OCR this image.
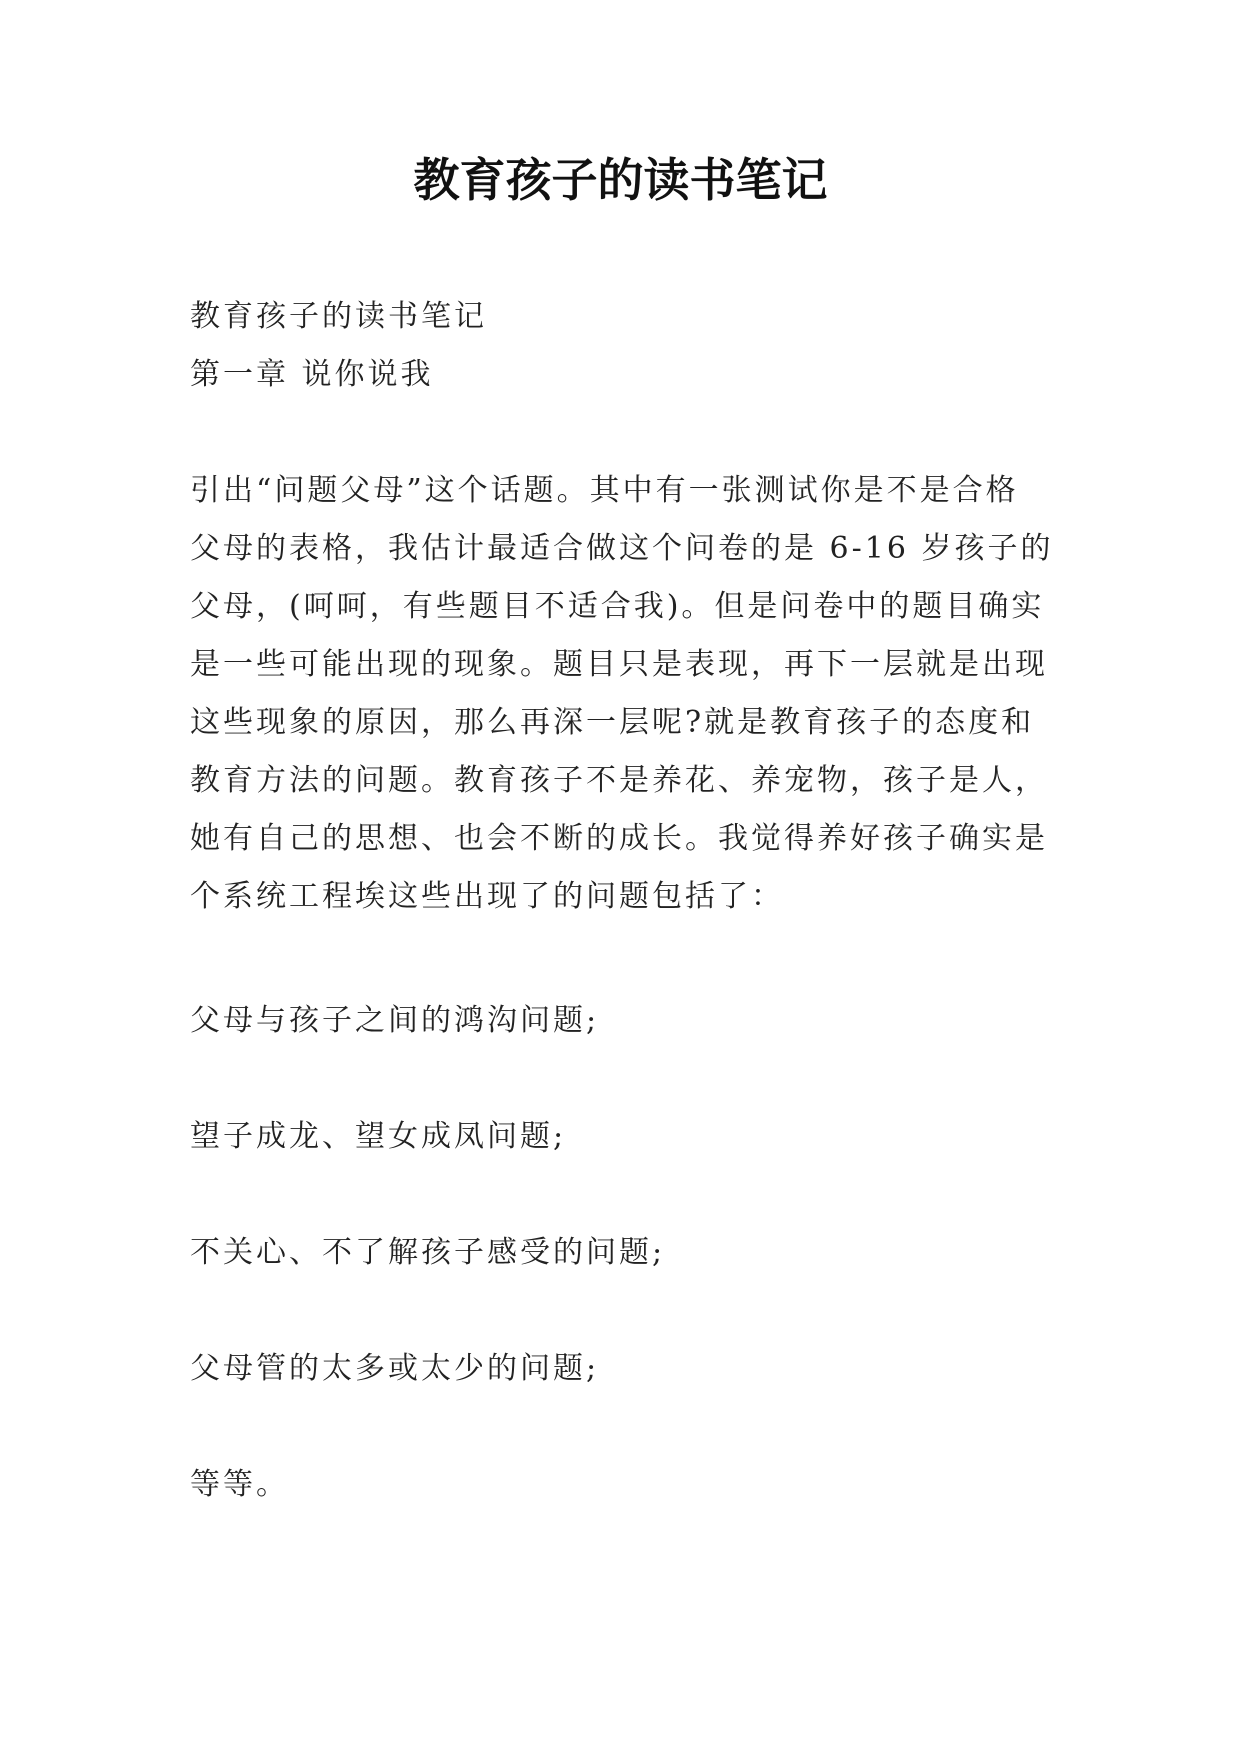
教育孩子的读书笔记

教育孩子的读书笔记

第一章 说你说我

引出“问题父母”这个话题。其中有一张测试你是不是合格
父母的表格，我估计最适合做这个问卷的是 6-16 岁孩子的
父母，(呵呵，有些题目不适合我)。但是问卷中的题目确实
是一些可能出现的现象。题目只是表现，再下一层就是出现
这些现象的原因，那么再深一层呢?就是教育孩子的态度和
教育方法的问题。教育孩子不是养花、养宠物，孩子是人，
她有自己的思想、也会不断的成长。我觉得养好孩子确实是
个系统工程埃这些出现了的问题包括了：

父母与孩子之间的鸿沟问题;

望子成龙、望女成凤问题;

不关心、不了解孩子感受的问题;

父母管的太多或太少的问题;

等等。
